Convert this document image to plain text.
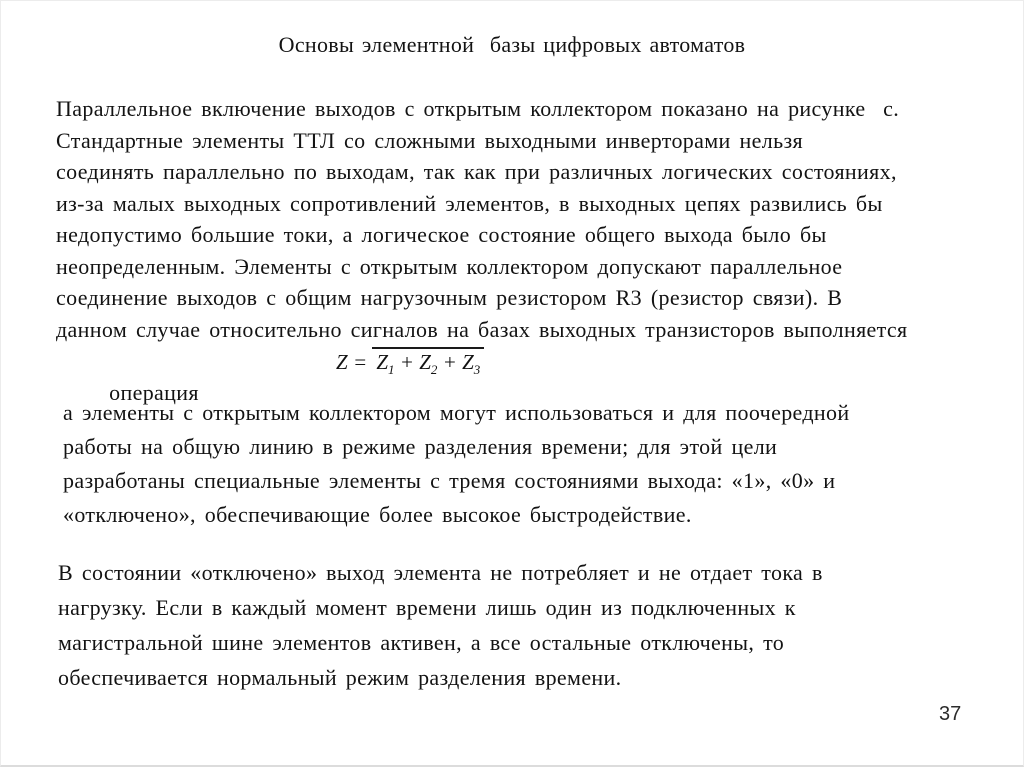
Основы элементной  базы цифровых автоматов
Параллельное включение выходов с открытым коллектором показано на рисунке  с.
Стандартные элементы ТТЛ со сложными выходными инверторами нельзя
соединять параллельно по выходам, так как при различных логических состояниях,
из-за малых выходных сопротивлений элементов, в выходных цепях развились бы
недопустимо большие токи, а логическое состояние общего выхода было бы
неопределенным. Элементы с открытым коллектором допускают параллельное
соединение выходов с общим нагрузочным резистором R3 (резистор связи). В
данном случае относительно сигналов на базах выходных транзисторов выполняется

операция

$Z = Z_1 + Z_2 + Z_3$

а элементы с открытым коллектором могут использоваться и для поочередной
работы на общую линию в режиме разделения времени; для этой цели
разработаны специальные элементы с тремя состояниями выхода: «1», «0» и
«отключено», обеспечивающие более высокое быстродействие.
В состоянии «отключено» выход элемента не потребляет и не отдает тока в
нагрузку. Если в каждый момент времени лишь один из подключенных к
магистральной шине элементов активен, а все остальные отключены, то
обеспечивается нормальный режим разделения времени.
37
